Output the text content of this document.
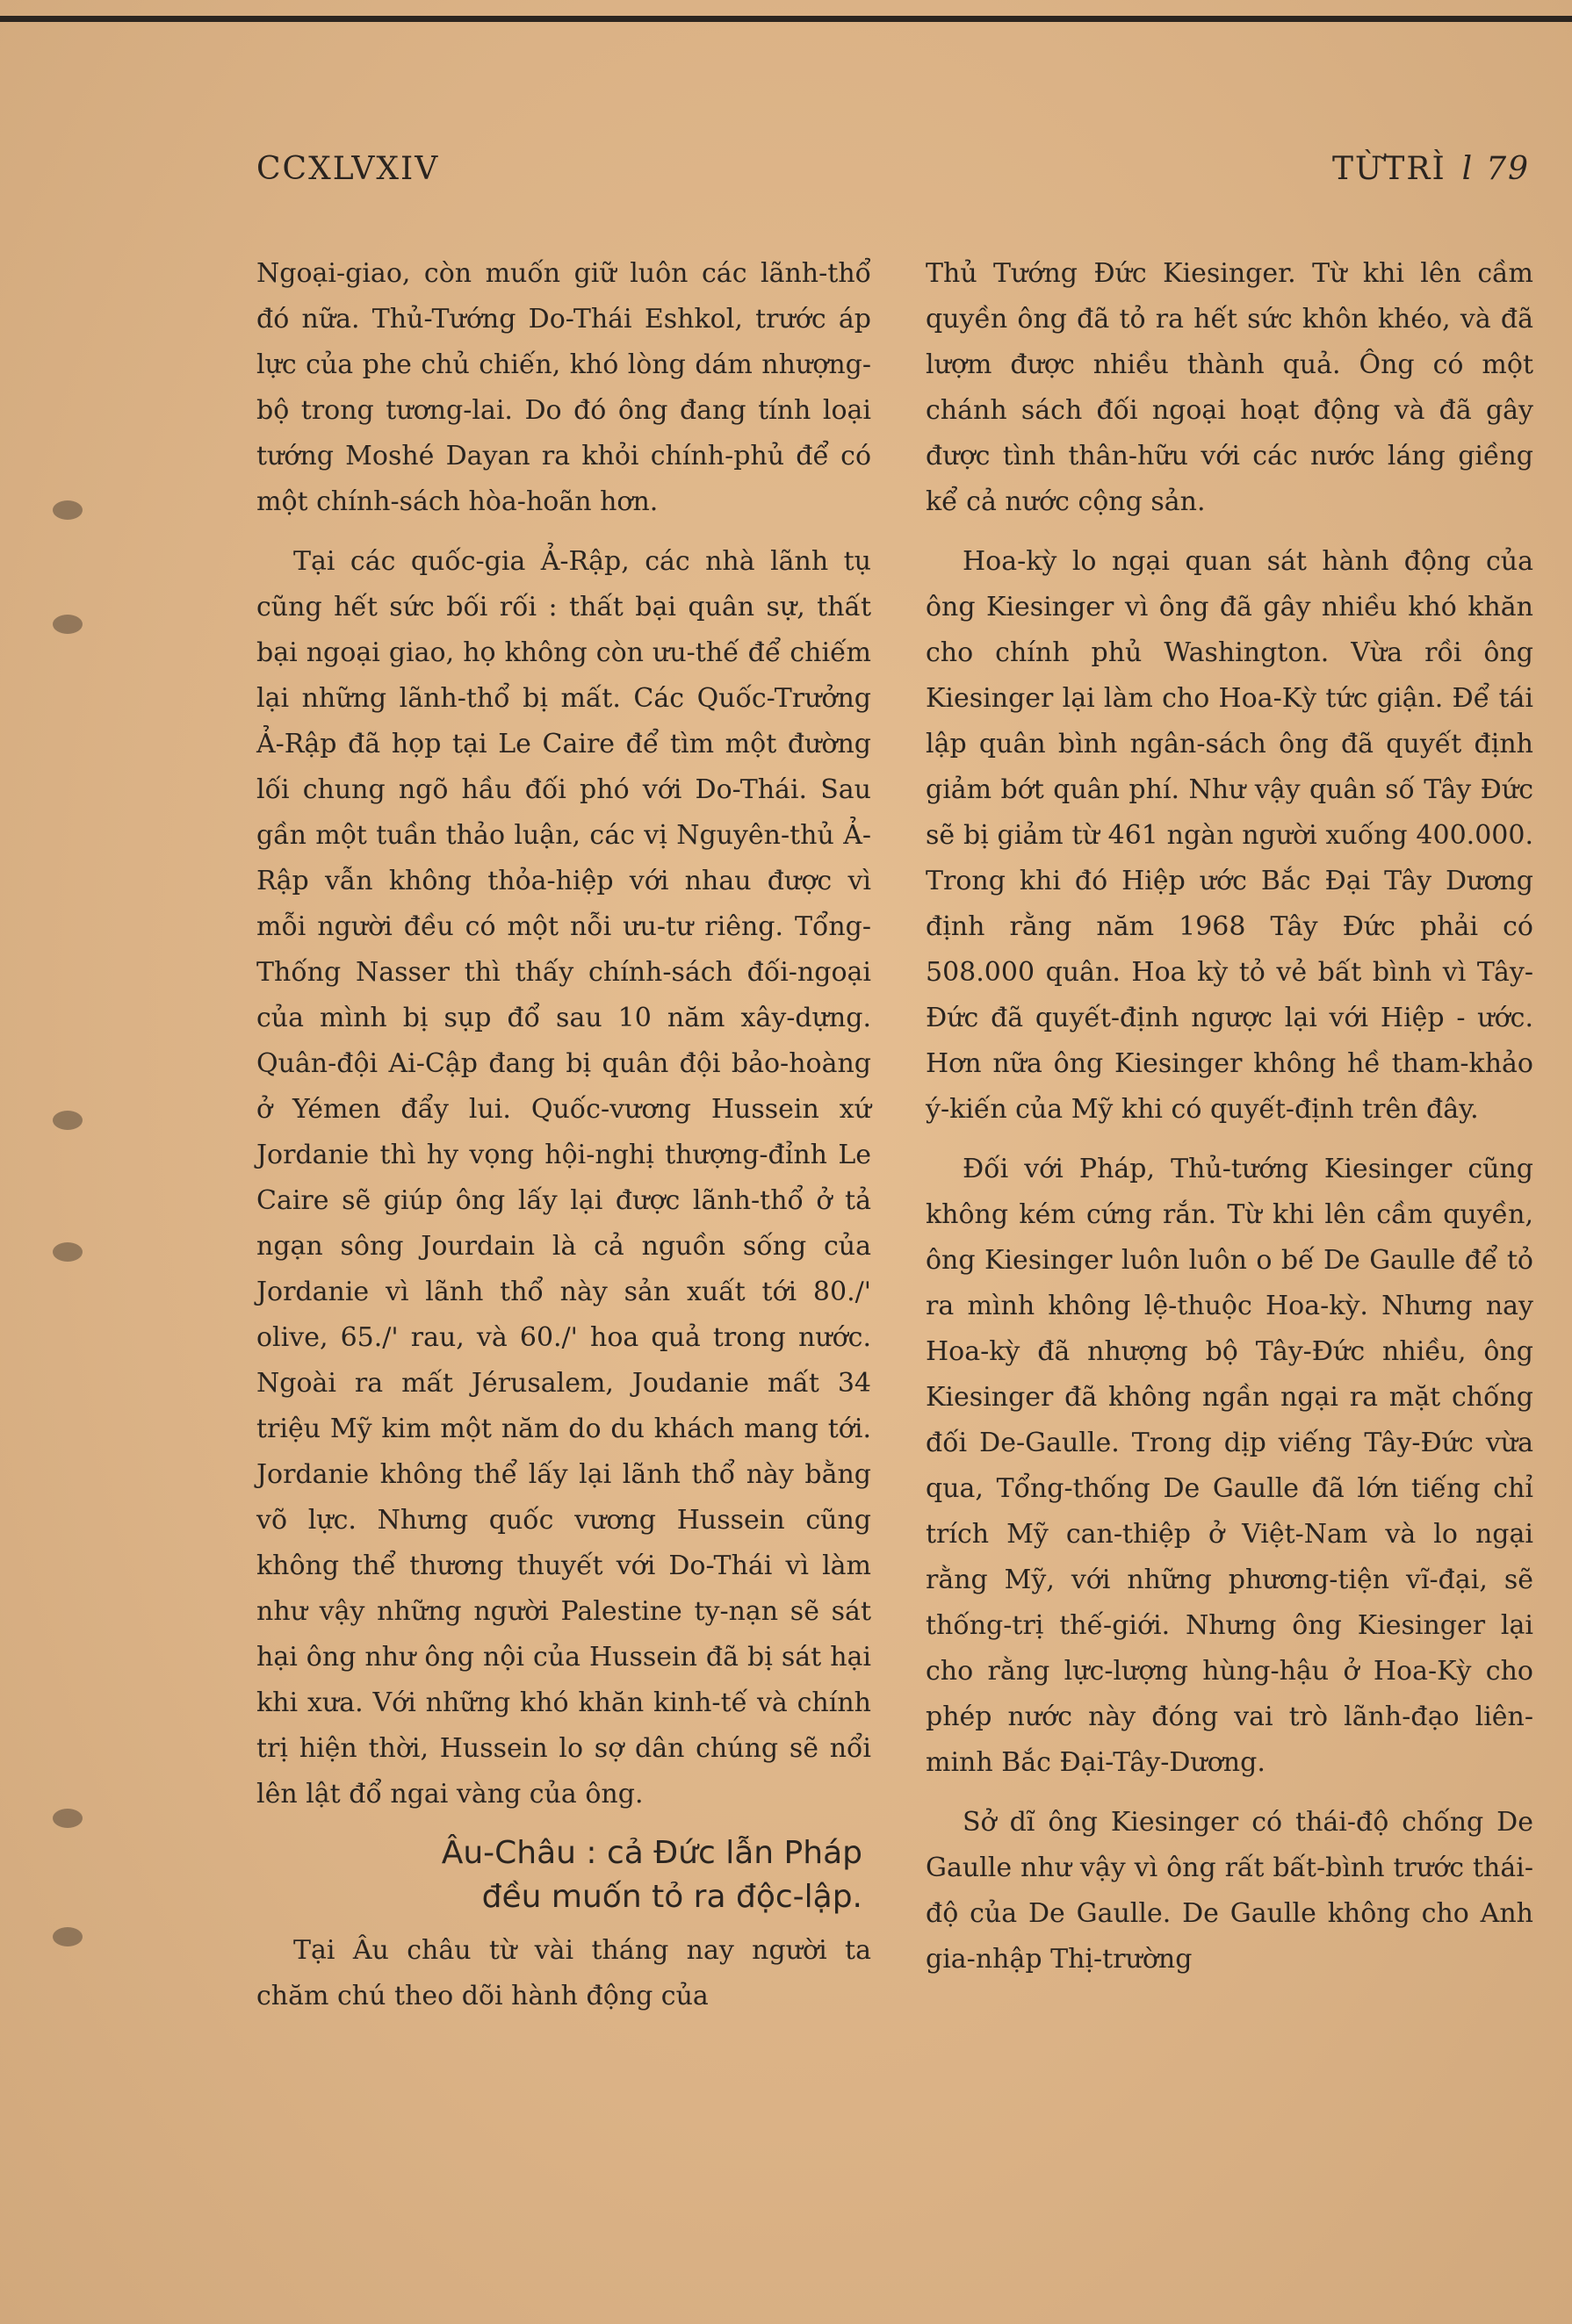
CCXLVXIV	TỪTRÌ l 79

Ngoại-giao, còn muốn giữ luôn các lãnh-thổ đó nữa. Thủ-Tướng Do-Thái Eshkol, trước áp lực của phe chủ chiến, khó lòng dám nhượng-bộ trong tương-lai. Do đó ông đang tính loại tướng Moshé Dayan ra khỏi chính-phủ để có một chính-sách hòa-hoãn hơn.

Tại các quốc-gia Ả-Rập, các nhà lãnh tụ cũng hết sức bối rối : thất bại quân sự, thất bại ngoại giao, họ không còn ưu-thế để chiếm lại những lãnh-thổ bị mất. Các Quốc-Trưởng Ả-Rập đã họp tại Le Caire để tìm một đường lối chung ngõ hầu đối phó với Do-Thái. Sau gần một tuần thảo luận, các vị Nguyên-thủ Ả-Rập vẫn không thỏa-hiệp với nhau được vì mỗi người đều có một nỗi ưu-tư riêng. Tổng-Thống Nasser thì thấy chính-sách đối-ngoại của mình bị sụp đổ sau 10 năm xây-dựng. Quân-đội Ai-Cập đang bị quân đội bảo-hoàng ở Yémen đẩy lui. Quốc-vương Hussein xứ Jordanie thì hy vọng hội-nghị thượng-đỉnh Le Caire sẽ giúp ông lấy lại được lãnh-thổ ở tả ngạn sông Jourdain là cả nguồn sống của Jordanie vì lãnh thổ này sản xuất tới 80./' olive, 65./' rau, và 60./' hoa quả trong nước. Ngoài ra mất Jérusalem, Joudanie mất 34 triệu Mỹ kim một năm do du khách mang tới. Jordanie không thể lấy lại lãnh thổ này bằng võ lực. Nhưng quốc vương Hussein cũng không thể thương thuyết với Do-Thái vì làm như vậy những người Palestine ty-nạn sẽ sát hại ông như ông nội của Hussein đã bị sát hại khi xưa. Với những khó khăn kinh-tế và chính trị hiện thời, Hussein lo sợ dân chúng sẽ nổi lên lật đổ ngai vàng của ông.

Âu-Châu : cả Đức lẫn Pháp
đều muốn tỏ ra độc-lập.

Tại Âu châu từ vài tháng nay người ta chăm chú theo dõi hành động của

Thủ Tướng Đức Kiesinger. Từ khi lên cầm quyền ông đã tỏ ra hết sức khôn khéo, và đã lượm được nhiều thành quả. Ông có một chánh sách đối ngoại hoạt động và đã gây được tình thân-hữu với các nước láng giềng kể cả nước cộng sản.

Hoa-kỳ lo ngại quan sát hành động của ông Kiesinger vì ông đã gây nhiều khó khăn cho chính phủ Washington. Vừa rồi ông Kiesinger lại làm cho Hoa-Kỳ tức giận. Để tái lập quân bình ngân-sách ông đã quyết định giảm bớt quân phí. Như vậy quân số Tây Đức sẽ bị giảm từ 461 ngàn người xuống 400.000. Trong khi đó Hiệp ước Bắc Đại Tây Dương định rằng năm 1968 Tây Đức phải có 508.000 quân. Hoa kỳ tỏ vẻ bất bình vì Tây-Đức đã quyết-định ngược lại với Hiệp - ước. Hơn nữa ông Kiesinger không hề tham-khảo ý-kiến của Mỹ khi có quyết-định trên đây.

Đối với Pháp, Thủ-tướng Kiesinger cũng không kém cứng rắn. Từ khi lên cầm quyền, ông Kiesinger luôn luôn o bế De Gaulle để tỏ ra mình không lệ-thuộc Hoa-kỳ. Nhưng nay Hoa-kỳ đã nhượng bộ Tây-Đức nhiều, ông Kiesinger đã không ngần ngại ra mặt chống đối De-Gaulle. Trong dịp viếng Tây-Đức vừa qua, Tổng-thống De Gaulle đã lớn tiếng chỉ trích Mỹ can-thiệp ở Việt-Nam và lo ngại rằng Mỹ, với những phương-tiện vĩ-đại, sẽ thống-trị thế-giới. Nhưng ông Kiesinger lại cho rằng lực-lượng hùng-hậu ở Hoa-Kỳ cho phép nước này đóng vai trò lãnh-đạo liên-minh Bắc Đại-Tây-Dương.

Sở dĩ ông Kiesinger có thái-độ chống De Gaulle như vậy vì ông rất bất-bình trước thái-độ của De Gaulle. De Gaulle không cho Anh gia-nhập Thị-trường
